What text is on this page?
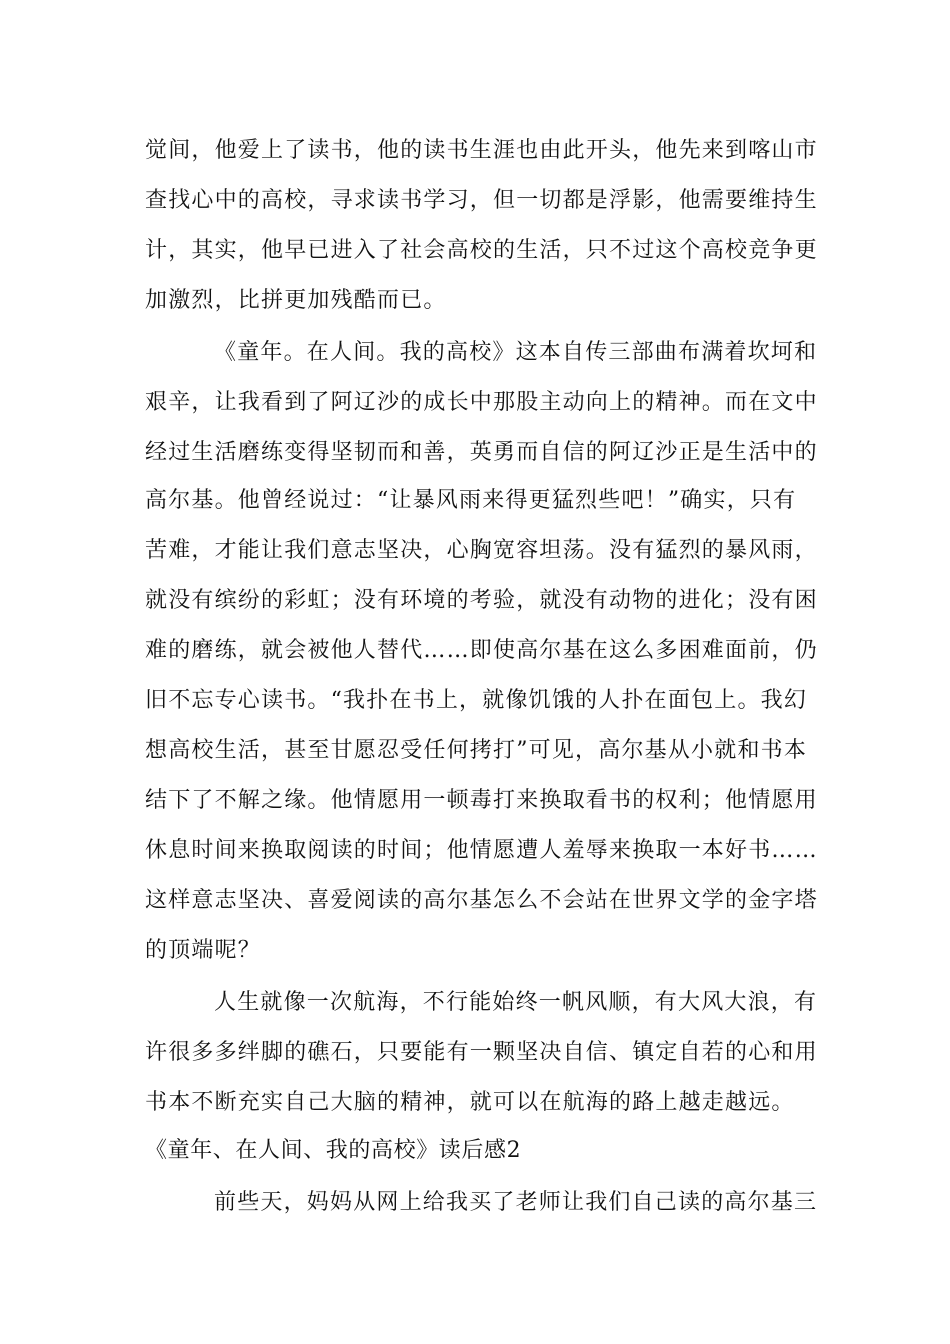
觉间，他爱上了读书，他的读书生涯也由此开头，他先来到喀山市
查找心中的高校，寻求读书学习，但一切都是浮影，他需要维持生
计，其实，他早已进入了社会高校的生活，只不过这个高校竞争更
加激烈，比拼更加残酷而已。
《童年。在人间。我的高校》这本自传三部曲布满着坎坷和
艰辛，让我看到了阿辽沙的成长中那股主动向上的精神。而在文中
经过生活磨练变得坚韧而和善，英勇而自信的阿辽沙正是生活中的
高尔基。他曾经说过：“让暴风雨来得更猛烈些吧！”确实，只有
苦难，才能让我们意志坚决，心胸宽容坦荡。没有猛烈的暴风雨，
就没有缤纷的彩虹；没有环境的考验，就没有动物的进化；没有困
难的磨练，就会被他人替代……即使高尔基在这么多困难面前，仍
旧不忘专心读书。“我扑在书上，就像饥饿的人扑在面包上。我幻
想高校生活，甚至甘愿忍受任何拷打”可见，高尔基从小就和书本
结下了不解之缘。他情愿用一顿毒打来换取看书的权利；他情愿用
休息时间来换取阅读的时间；他情愿遭人羞辱来换取一本好书……
这样意志坚决、喜爱阅读的高尔基怎么不会站在世界文学的金字塔
的顶端呢？
人生就像一次航海，不行能始终一帆风顺，有大风大浪，有
许很多多绊脚的礁石，只要能有一颗坚决自信、镇定自若的心和用
书本不断充实自己大脑的精神，就可以在航海的路上越走越远。
《童年、在人间、我的高校》读后感2
前些天，妈妈从网上给我买了老师让我们自己读的高尔基三
